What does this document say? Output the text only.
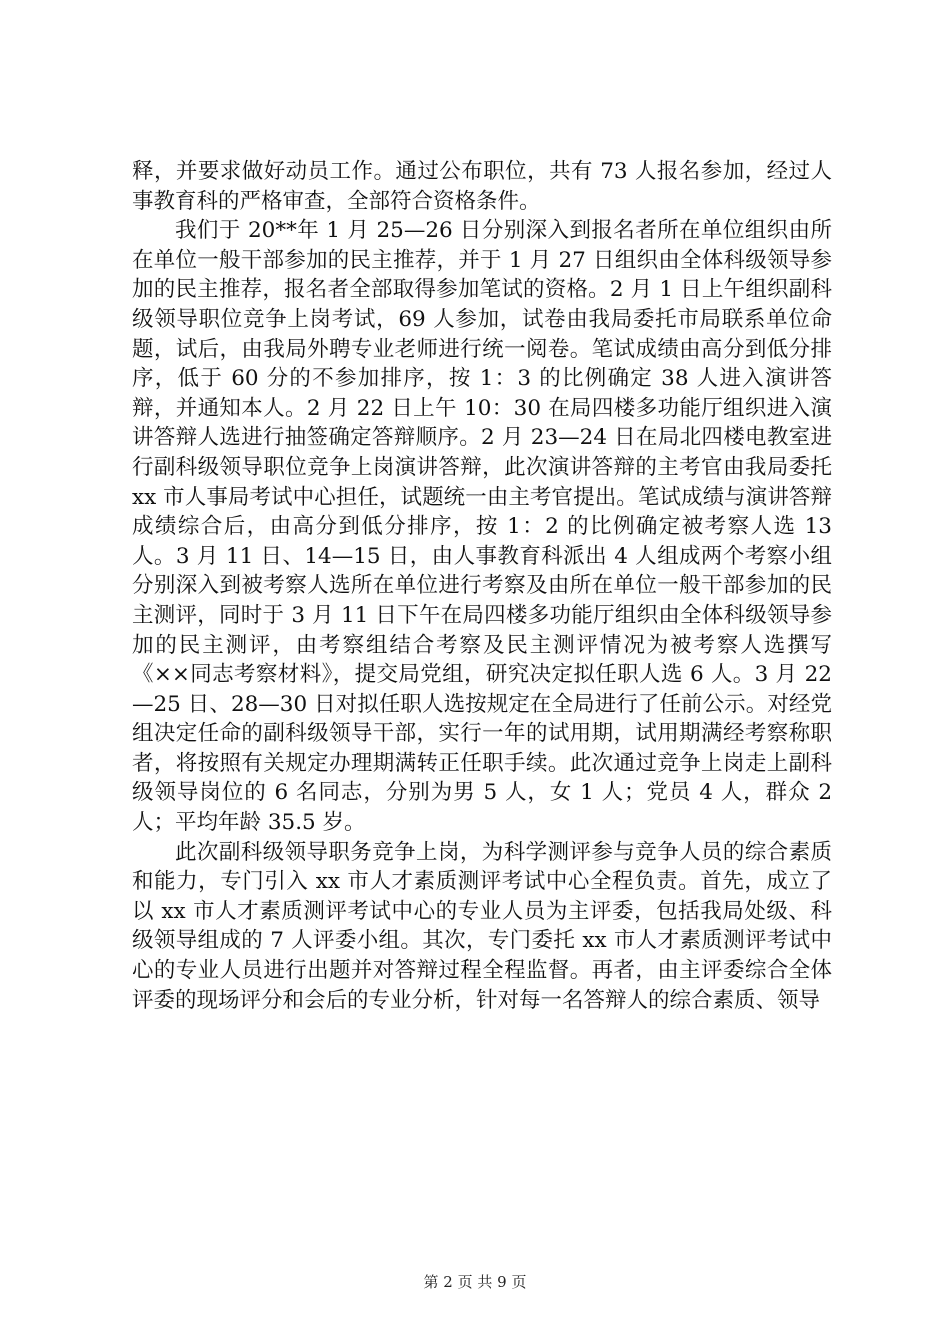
释，并要求做好动员工作。通过公布职位，共有 73 人报名参加，经过人事教育科的严格审查，全部符合资格条件。

我们于 20**年 1 月 25—26 日分别深入到报名者所在单位组织由所在单位一般干部参加的民主推荐，并于 1 月 27 日组织由全体科级领导参加的民主推荐，报名者全部取得参加笔试的资格。2 月 1 日上午组织副科级领导职位竞争上岗考试，69 人参加，试卷由我局委托市局联系单位命题，试后，由我局外聘专业老师进行统一阅卷。笔试成绩由高分到低分排序，低于 60 分的不参加排序，按 1：3 的比例确定 38 人进入演讲答辩，并通知本人。2 月 22 日上午 10：30 在局四楼多功能厅组织进入演讲答辩人选进行抽签确定答辩顺序。2 月 23—24 日在局北四楼电教室进行副科级领导职位竞争上岗演讲答辩，此次演讲答辩的主考官由我局委托 xx 市人事局考试中心担任，试题统一由主考官提出。笔试成绩与演讲答辩成绩综合后，由高分到低分排序，按 1：2 的比例确定被考察人选 13 人。3 月 11 日、14—15 日，由人事教育科派出 4 人组成两个考察小组分别深入到被考察人选所在单位进行考察及由所在单位一般干部参加的民主测评，同时于 3 月 11 日下午在局四楼多功能厅组织由全体科级领导参加的民主测评，由考察组结合考察及民主测评情况为被考察人选撰写《××同志考察材料》，提交局党组，研究决定拟任职人选 6 人。3 月 22—25 日、28—30 日对拟任职人选按规定在全局进行了任前公示。对经党组决定任命的副科级领导干部，实行一年的试用期，试用期满经考察称职者，将按照有关规定办理期满转正任职手续。此次通过竞争上岗走上副科级领导岗位的 6 名同志，分别为男 5 人，女 1 人；党员 4 人，群众 2 人；平均年龄 35.5 岁。

此次副科级领导职务竞争上岗，为科学测评参与竞争人员的综合素质和能力，专门引入 xx 市人才素质测评考试中心全程负责。首先，成立了以 xx 市人才素质测评考试中心的专业人员为主评委，包括我局处级、科级领导组成的 7 人评委小组。其次，专门委托 xx 市人才素质测评考试中心的专业人员进行出题并对答辩过程全程监督。再者，由主评委综合全体评委的现场评分和会后的专业分析，针对每一名答辩人的综合素质、领导

第 2 页 共 9 页
